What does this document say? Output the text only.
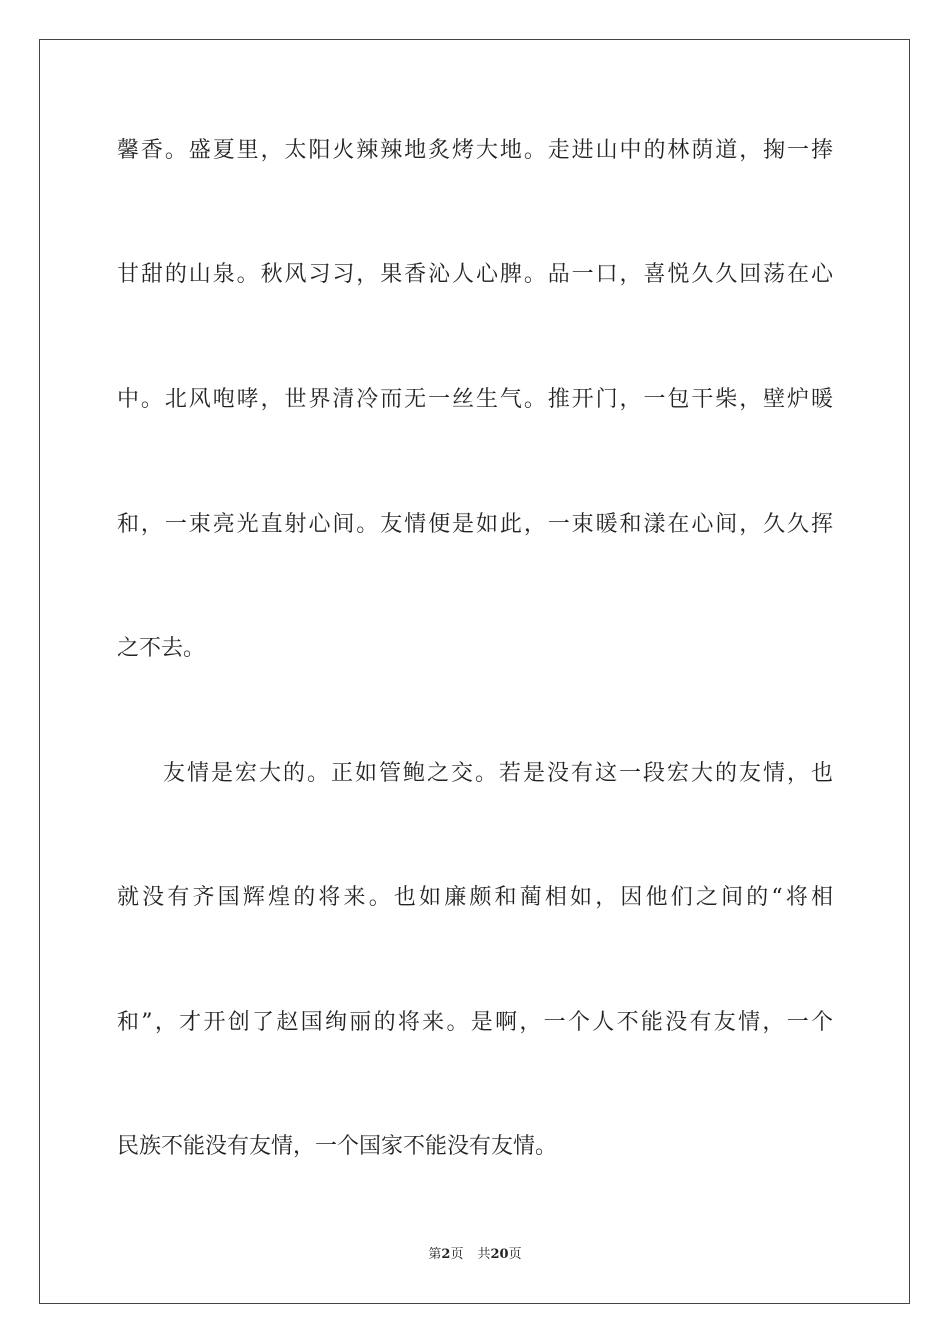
馨香。盛夏里，太阳火辣辣地炙烤大地。走进山中的林荫道，掬一捧
甘甜的山泉。秋风习习，果香沁人心脾。品一口，喜悦久久回荡在心
中。北风咆哮，世界清冷而无一丝生气。推开门，一包干柴，壁炉暖
和，一束亮光直射心间。友情便是如此，一束暖和漾在心间，久久挥
之不去。
友情是宏大的。正如管鲍之交。若是没有这一段宏大的友情，也
就没有齐国辉煌的将来。也如廉颇和蔺相如，因他们之间的“将相
和”，才开创了赵国绚丽的将来。是啊，一个人不能没有友情，一个
民族不能没有友情，一个国家不能没有友情。
第2页 共20页
